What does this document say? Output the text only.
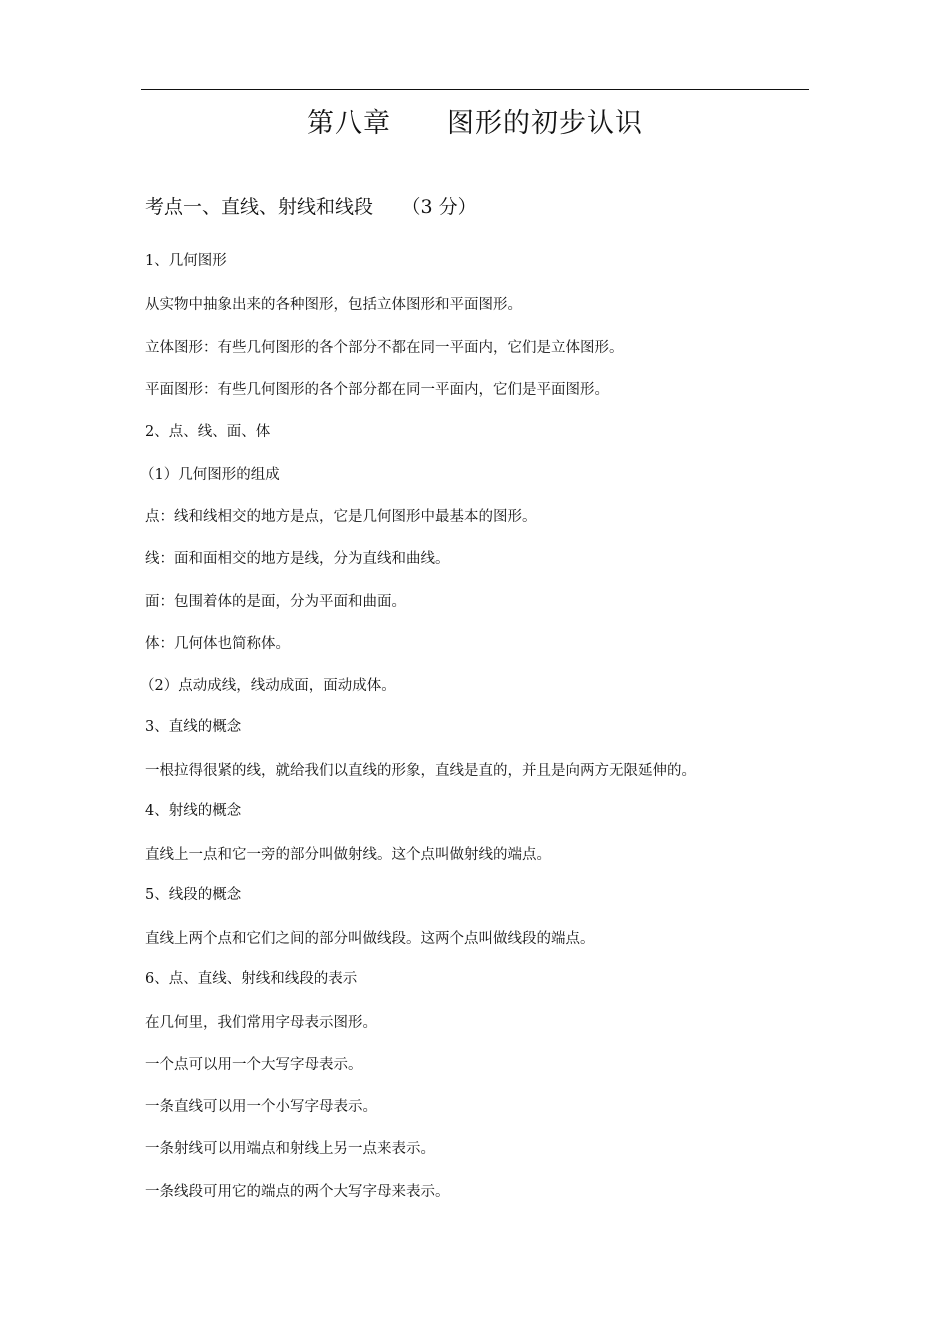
第八章　　图形的初步认识
考点一、直线、射线和线段　　（3 分）
1、几何图形
从实物中抽象出来的各种图形，包括立体图形和平面图形。
立体图形：有些几何图形的各个部分不都在同一平面内，它们是立体图形。
平面图形：有些几何图形的各个部分都在同一平面内，它们是平面图形。
2、点、线、面、体
（1）几何图形的组成
点：线和线相交的地方是点，它是几何图形中最基本的图形。
线：面和面相交的地方是线，分为直线和曲线。
面：包围着体的是面，分为平面和曲面。
体：几何体也简称体。
（2）点动成线，线动成面，面动成体。
3、直线的概念
一根拉得很紧的线，就给我们以直线的形象，直线是直的，并且是向两方无限延伸的。
4、射线的概念
直线上一点和它一旁的部分叫做射线。这个点叫做射线的端点。
5、线段的概念
直线上两个点和它们之间的部分叫做线段。这两个点叫做线段的端点。
6、点、直线、射线和线段的表示
在几何里，我们常用字母表示图形。
一个点可以用一个大写字母表示。
一条直线可以用一个小写字母表示。
一条射线可以用端点和射线上另一点来表示。
一条线段可用它的端点的两个大写字母来表示。
